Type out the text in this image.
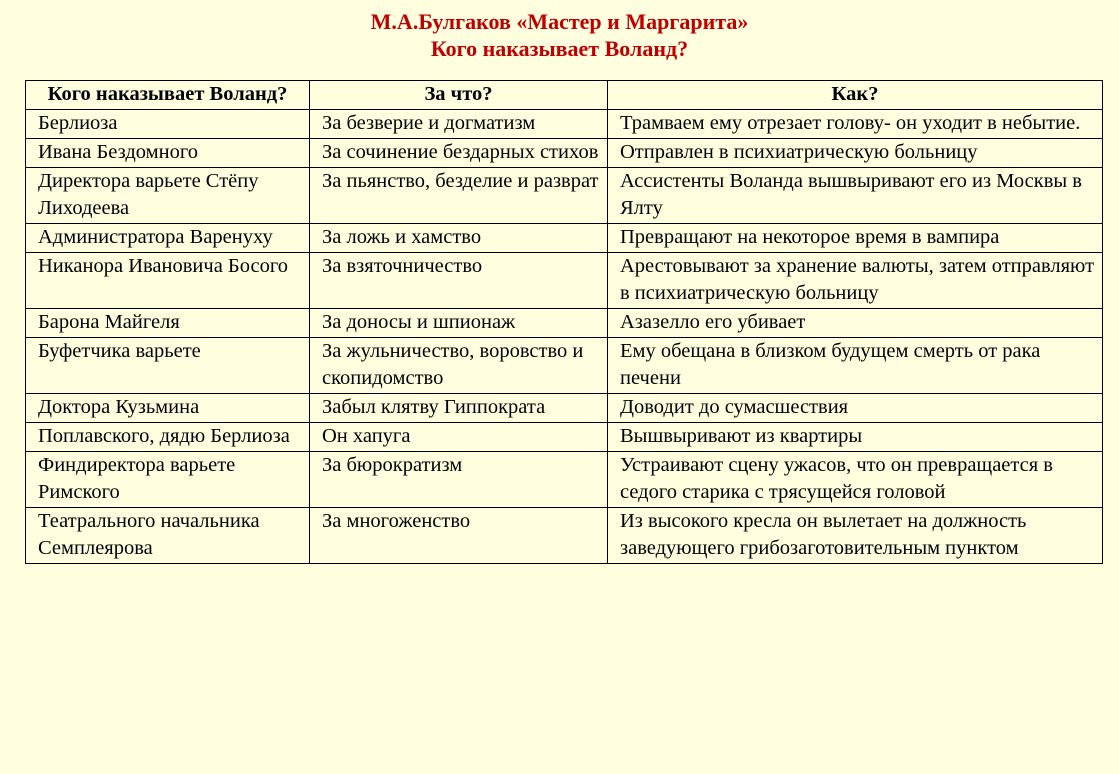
М.А.Булгаков «Мастер и Маргарита»
Кого наказывает Воланд?
Кого наказывает Воланд?	За что?	Как?
Берлиоза	За безверие и догматизм	Трамваем ему отрезает голову- он уходит в небытие.
Ивана Бездомного	За сочинение бездарных стихов	Отправлен в психиатрическую больницу
Директора варьете Стёпу Лиходеева	За пьянство, безделие и разврат	Ассистенты Воланда вышвыривают его из Москвы в Ялту
Администратора Варенуху	За ложь и хамство	Превращают на некоторое время в вампира
Никанора Ивановича Босого	За взяточничество	Арестовывают за хранение валюты, затем отправляют в психиатрическую больницу
Барона Майгеля	За доносы и шпионаж	Азазелло его убивает
Буфетчика варьете	За жульничество, воровство и скопидомство	Ему обещана в близком будущем смерть от рака печени
Доктора Кузьмина	Забыл клятву Гиппократа	Доводит до сумасшествия
Поплавского, дядю Берлиоза	Он хапуга	Вышвыривают из квартиры
Финдиректора варьете Римского	За бюрократизм	Устраивают сцену ужасов, что он превращается в седого старика с трясущейся головой
Театрального начальника Семплеярова	За многоженство	Из высокого кресла он вылетает на должность заведующего грибозаготовительным пунктом
